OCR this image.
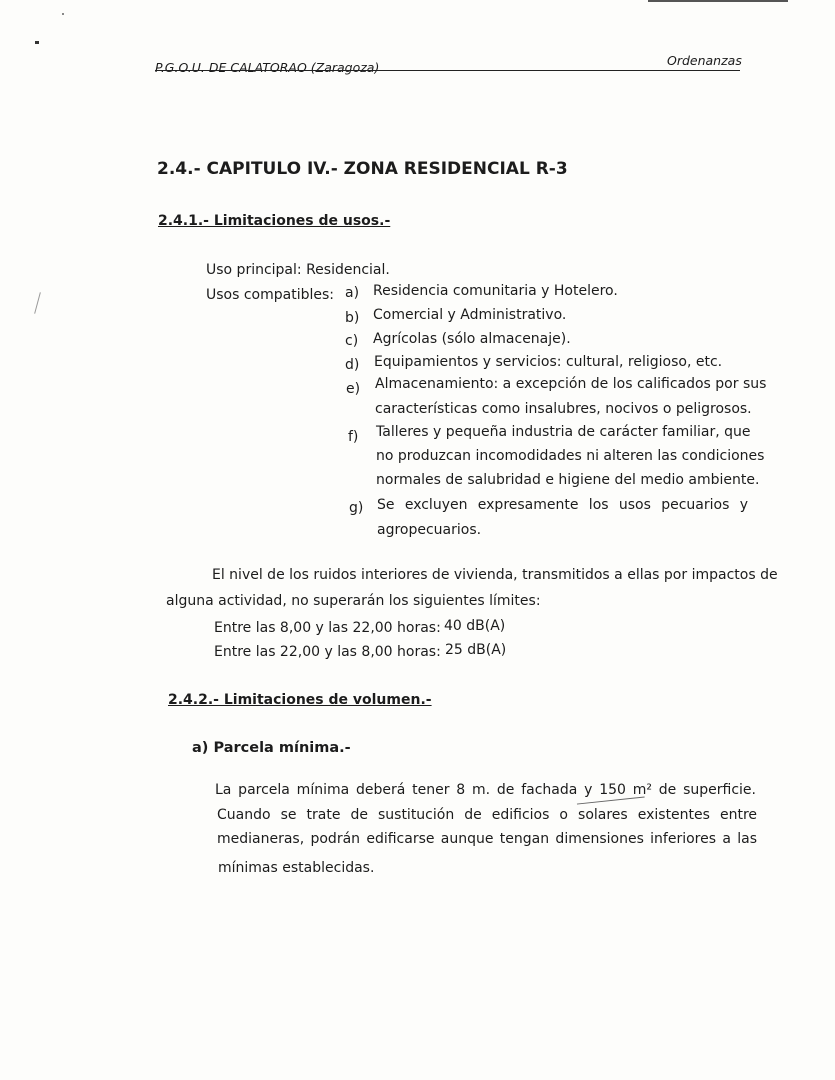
P.G.O.U. DE CALATORAO (Zaragoza)	Ordenanzas
2.4.- CAPITULO IV.- ZONA RESIDENCIAL R-3
2.4.1.- Limitaciones de usos.-
Uso principal: Residencial.
Usos compatibles: a) Residencia comunitaria y Hotelero.
b) Comercial y Administrativo.
c) Agrícolas (sólo almacenaje).
d) Equipamientos y servicios: cultural, religioso, etc.
e) Almacenamiento: a excepción de los calificados por sus
características como insalubres, nocivos o peligrosos.
f) Talleres y pequeña industria de carácter familiar, que
no produzcan incomodidades ni alteren las condiciones
normales de salubridad e higiene del medio ambiente.
g) Se excluyen expresamente los usos pecuarios y
agropecuarios.
El nivel de los ruidos interiores de vivienda, transmitidos a ellas por impactos de
alguna actividad, no superarán los siguientes límites:
Entre las 8,00 y las 22,00 horas: 40 dB(A)
Entre las 22,00 y las 8,00 horas: 25 dB(A)
2.4.2.- Limitaciones de volumen.-
a) Parcela mínima.-
La parcela mínima deberá tener 8 m. de fachada y 150 m² de superficie.
Cuando se trate de sustitución de edificios o solares existentes entre
medianeras, podrán edificarse aunque tengan dimensiones inferiores a las
mínimas establecidas.
